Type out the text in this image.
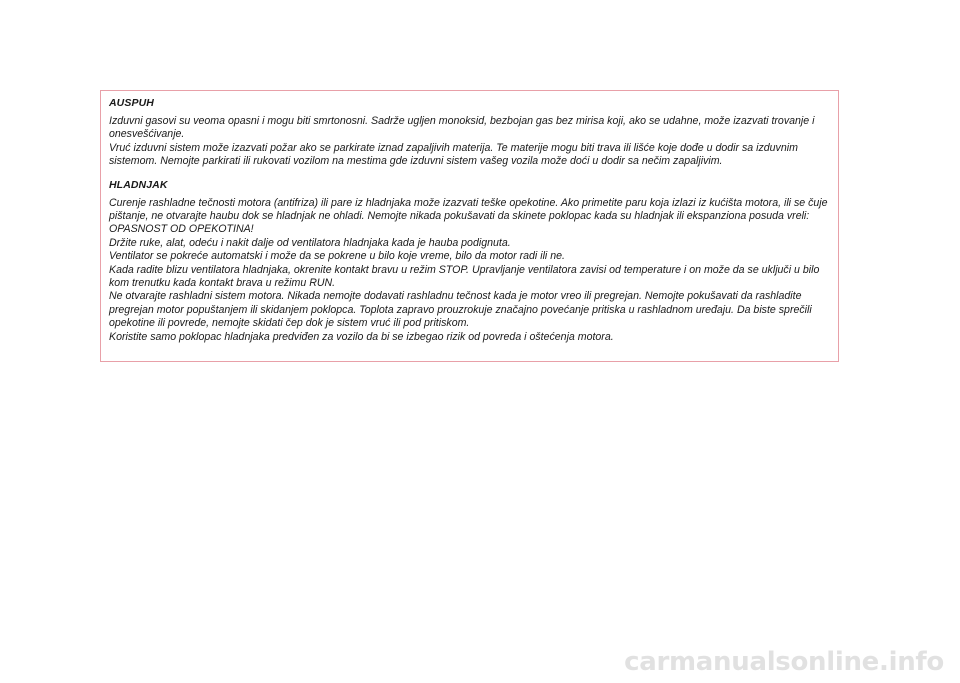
AUSPUH

Izduvni gasovi su veoma opasni i mogu biti smrtonosni. Sadrže ugljen monoksid, bezbojan gas bez mirisa koji, ako se udahne, može izazvati trovanje i onesvešćivanje.

Vruć izduvni sistem može izazvati požar ako se parkirate iznad zapaljivih materija. Te materije mogu biti trava ili lišće koje dođe u dodir sa izduvnim sistemom. Nemojte parkirati ili rukovati vozilom na mestima gde izduvni sistem vašeg vozila može doći u dodir sa nečim zapaljivim.

HLADNJAK

Curenje rashladne tečnosti motora (antifriza) ili pare iz hladnjaka može izazvati teške opekotine. Ako primetite paru koja izlazi iz kućišta motora, ili se čuje pištanje, ne otvarajte haubu dok se hladnjak ne ohladi. Nemojte nikada pokušavati da skinete poklopac kada su hladnjak ili ekspanziona posuda vreli: OPASNOST OD OPEKOTINA!

Držite ruke, alat, odeću i nakit dalje od ventilatora hladnjaka kada je hauba podignuta.

Ventilator se pokreće automatski i može da se pokrene u bilo koje vreme, bilo da motor radi ili ne.

Kada radite blizu ventilatora hladnjaka, okrenite kontakt bravu u režim STOP. Upravljanje ventilatora zavisi od temperature i on može da se uključi u bilo kom trenutku kada kontakt brava u režimu RUN.

Ne otvarajte rashladni sistem motora. Nikada nemojte dodavati rashladnu tečnost kada je motor vreo ili pregrejan. Nemojte pokušavati da rashladite pregrejan motor popuštanjem ili skidanjem poklopca. Toplota zapravo prouzrokuje značajno povećanje pritiska u rashladnom uređaju. Da biste sprečili opekotine ili povrede, nemojte skidati čep dok je sistem vruć ili pod pritiskom.

Koristite samo poklopac hladnjaka predviđen za vozilo da bi se izbegao rizik od povreda i oštećenja motora.

carmanualsonline.info
